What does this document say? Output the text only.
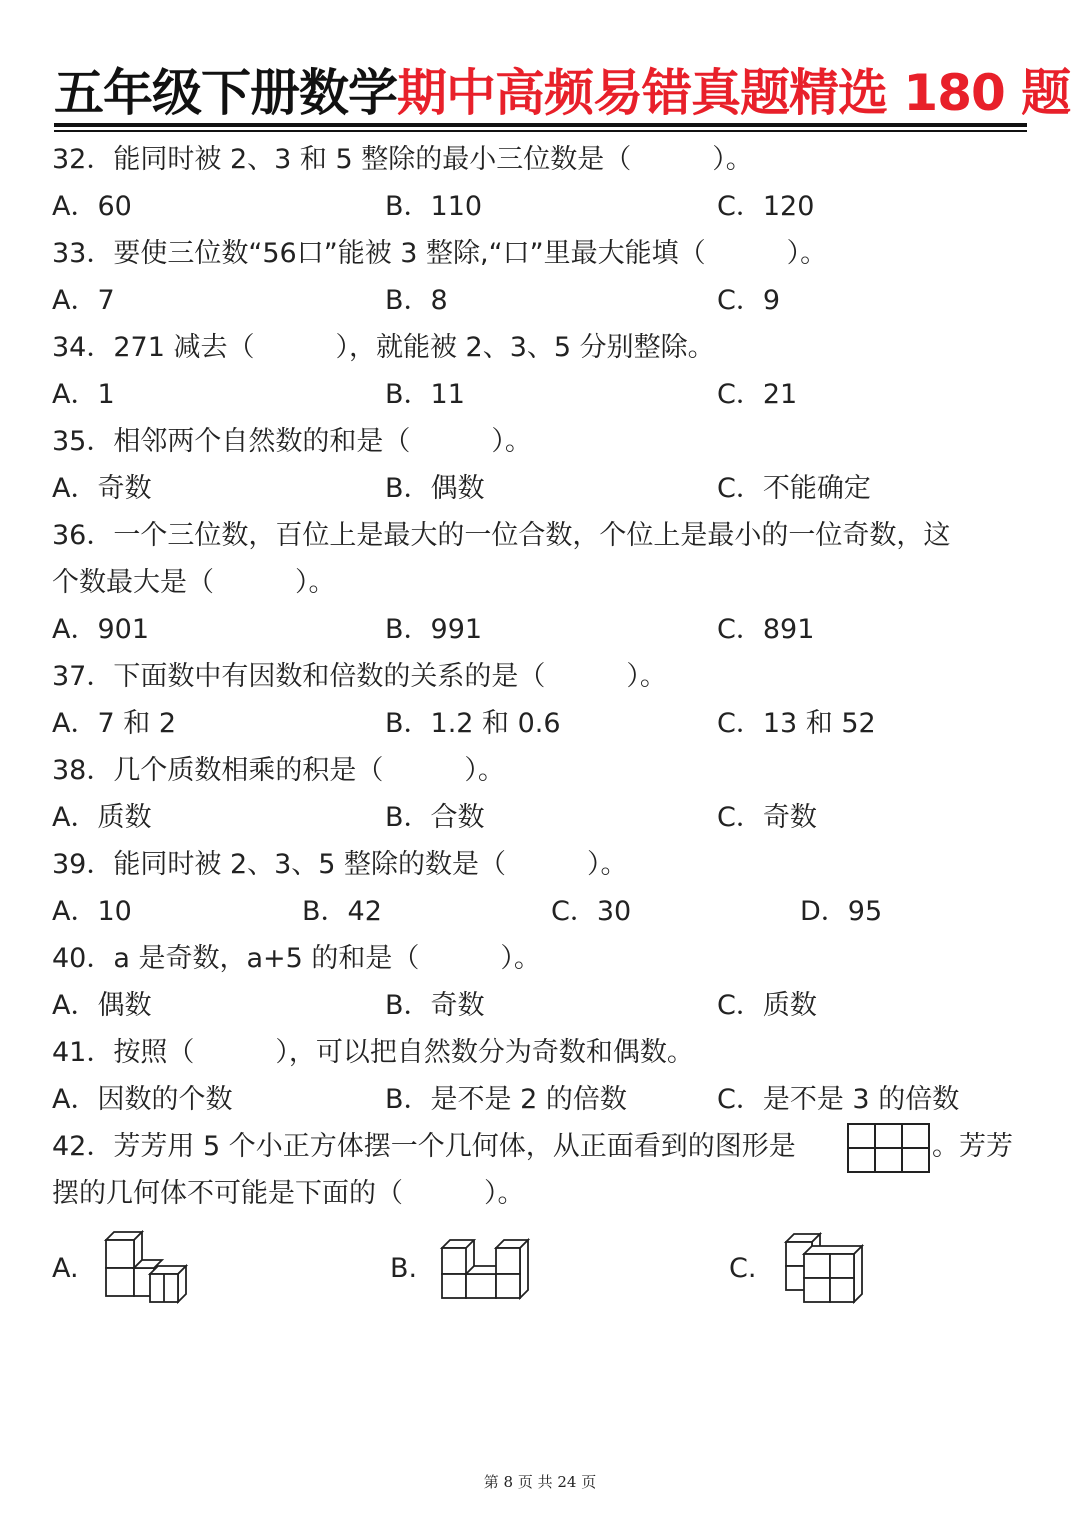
五年级下册数学期中高频易错真题精选 180 题
32．能同时被 2、3 和 5 整除的最小三位数是（　　　）。
A．60	B．110	C．120
33．要使三位数“56口”能被 3 整除,“口”里最大能填（　　　）。
A．7	B．8	C．9
34．271 减去（　　　），就能被 2、3、5 分别整除。
A．1	B．11	C．21
35．相邻两个自然数的和是（　　　）。
A．奇数	B．偶数	C．不能确定
36．一个三位数，百位上是最大的一位合数，个位上是最小的一位奇数，这
个数最大是（　　　）。
A．901	B．991	C．891
37．下面数中有因数和倍数的关系的是（　　　）。
A．7 和 2	B．1.2 和 0.6	C．13 和 52
38．几个质数相乘的积是（　　　）。
A．质数	B．合数	C．奇数
39．能同时被 2、3、5 整除的数是（　　　）。
A．10	B．42	C．30	D．95
40．a 是奇数，a+5 的和是（　　　）。
A．偶数	B．奇数	C．质数
41．按照（　　　），可以把自然数分为奇数和偶数。
A．因数的个数	B．是不是 2 的倍数	C．是不是 3 的倍数
42．芳芳用 5 个小正方体摆一个几何体，从正面看到的图形是	。芳芳
摆的几何体不可能是下面的（　　　）。
A.	B.	C.
第 8 页 共 24 页
